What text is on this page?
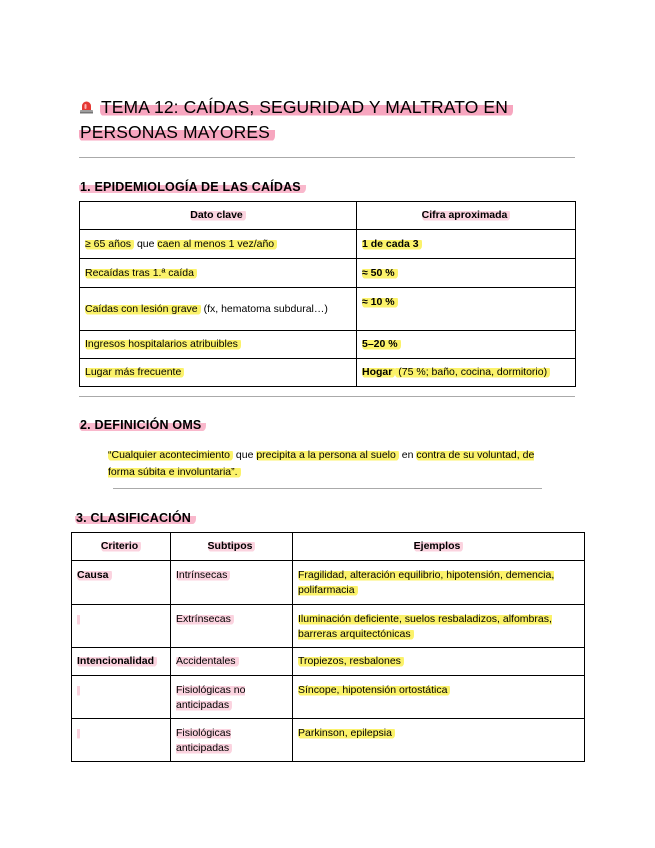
TEMA 12: CAÍDAS, SEGURIDAD Y MALTRATO EN
PERSONAS MAYORES
1. EPIDEMIOLOGÍA DE LAS CAÍDAS
Dato clave	Cifra aproximada
≥ 65 años que caen al menos 1 vez/año	1 de cada 3
Recaídas tras 1.ª caída	≈ 50 %
Caídas con lesión grave (fx, hematoma subdural…)	≈ 10 %
Ingresos hospitalarios atribuibles	5–20 %
Lugar más frecuente	Hogar (75 %; baño, cocina, dormitorio)
2. DEFINICIÓN OMS
“Cualquier acontecimiento que precipita a la persona al suelo en contra de su voluntad, de forma súbita e involuntaria”.
3. CLASIFICACIÓN
Criterio	Subtipos	Ejemplos
Causa	Intrínsecas	Fragilidad, alteración equilibrio, hipotensión, demencia, polifarmacia
	Extrínsecas	Iluminación deficiente, suelos resbaladizos, alfombras, barreras arquitectónicas
Intencionalidad	Accidentales	Tropiezos, resbalones
	Fisiológicas no anticipadas	Síncope, hipotensión ortostática
	Fisiológicas anticipadas	Parkinson, epilepsia
